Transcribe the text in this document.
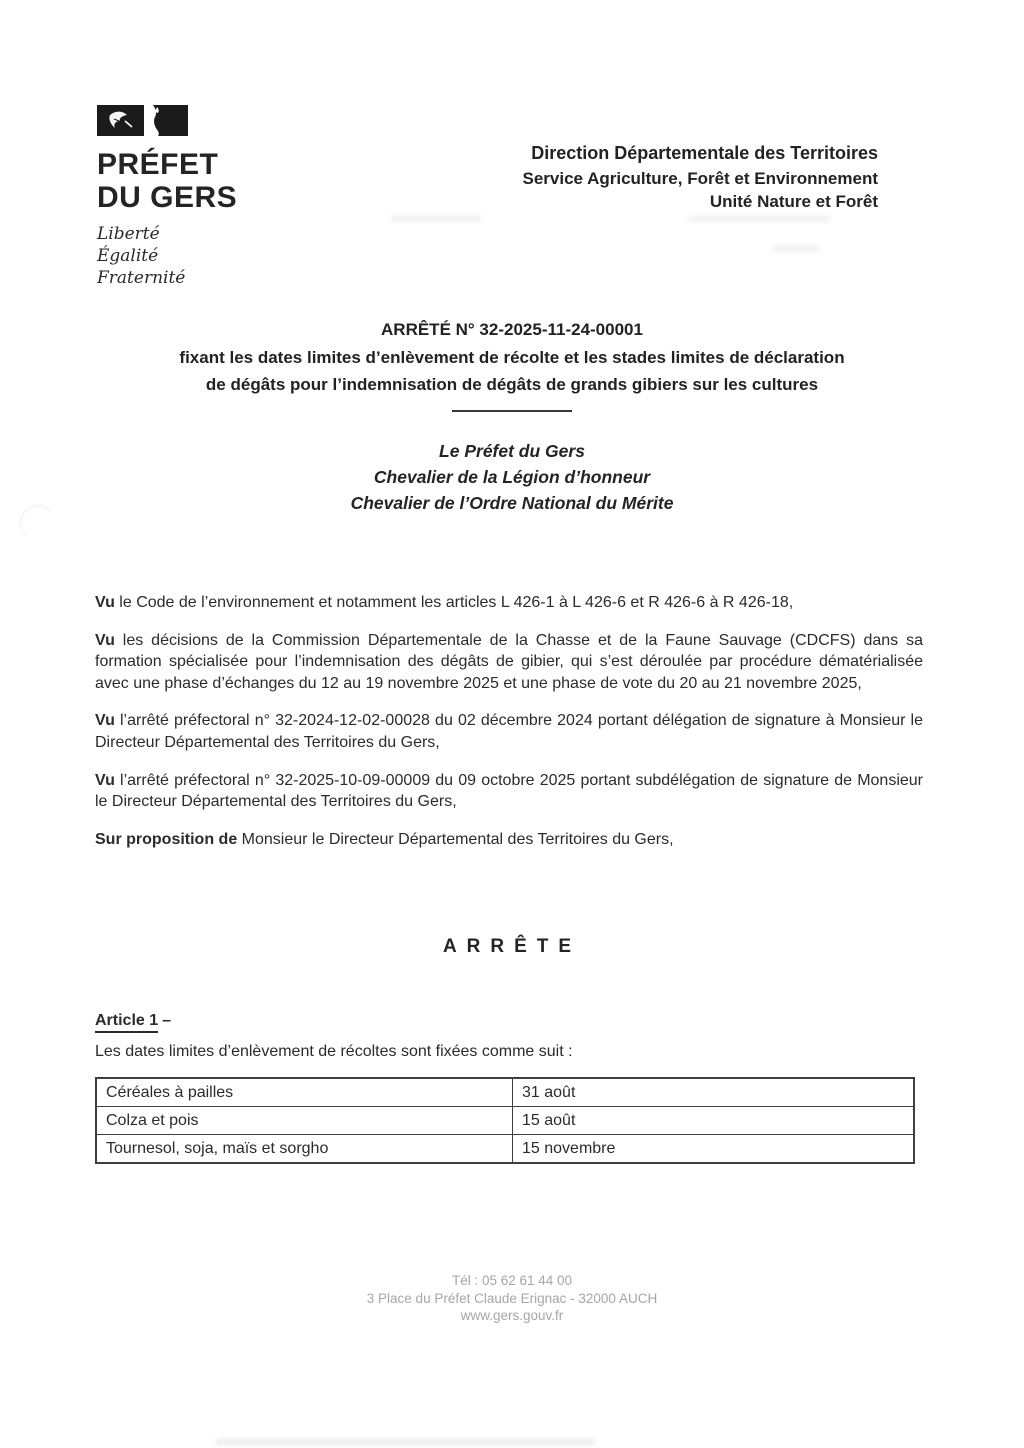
PRÉFET
DU GERS
Liberté
Égalité
Fraternité
Direction Départementale des Territoires
Service Agriculture, Forêt et Environnement
Unité Nature et Forêt
ARRÊTÉ N° 32-2025-11-24-00001
fixant les dates limites d’enlèvement de récolte et les stades limites de déclaration
de dégâts pour l’indemnisation de dégâts de grands gibiers sur les cultures
Le Préfet du Gers
Chevalier de la Légion d’honneur
Chevalier de l’Ordre National du Mérite

Vu le Code de l’environnement et notamment les articles L 426-1 à L 426-6 et R 426-6 à R 426-18,

Vu les décisions de la Commission Départementale de la Chasse et de la Faune Sauvage (CDCFS) dans sa formation spécialisée pour l’indemnisation des dégâts de gibier, qui s’est déroulée par procédure dématérialisée avec une phase d’échanges du 12 au 19 novembre 2025 et une phase de vote du 20 au 21 novembre 2025,

Vu l’arrêté préfectoral n° 32-2024-12-02-00028 du 02 décembre 2024 portant délégation de signature à Monsieur le Directeur Départemental des Territoires du Gers,

Vu l’arrêté préfectoral n° 32-2025-10-09-00009 du 09 octobre 2025 portant subdélégation de signature de Monsieur le Directeur Départemental des Territoires du Gers,

Sur proposition de Monsieur le Directeur Départemental des Territoires du Gers,

ARRÊTE
Article 1 –
Les dates limites d’enlèvement de récoltes sont fixées comme suit :
Céréales à pailles	31 août
Colza et pois	15 août
Tournesol, soja, maïs et sorgho	15 novembre
Tél : 05 62 61 44 00
3 Place du Préfet Claude Erignac - 32000 AUCH
www.gers.gouv.fr
